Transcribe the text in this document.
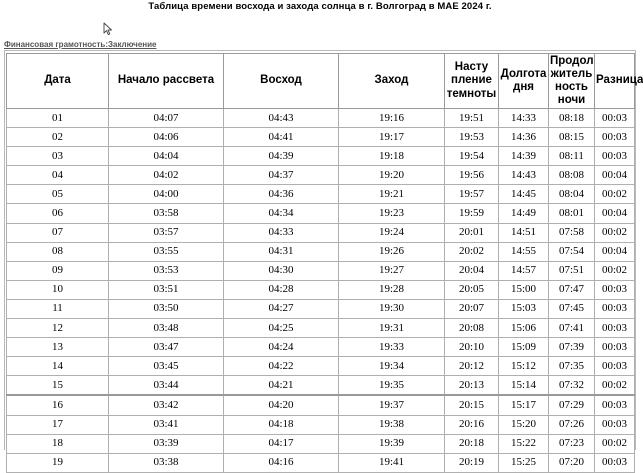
Таблица времени восхода и захода солнца в г. Волгоград в МАЕ 2024 г.
Финансовая грамотность:Заключение
Дата	Начало рассвета	Восход	Заход	Насту пление темноты	Долгота дня	Продол житель ность ночи	Разница
01	04:07	04:43	19:16	19:51	14:33	08:18	00:03
02	04:06	04:41	19:17	19:53	14:36	08:15	00:03
03	04:04	04:39	19:18	19:54	14:39	08:11	00:03
04	04:02	04:37	19:20	19:56	14:43	08:08	00:04
05	04:00	04:36	19:21	19:57	14:45	08:04	00:02
06	03:58	04:34	19:23	19:59	14:49	08:01	00:04
07	03:57	04:33	19:24	20:01	14:51	07:58	00:02
08	03:55	04:31	19:26	20:02	14:55	07:54	00:04
09	03:53	04:30	19:27	20:04	14:57	07:51	00:02
10	03:51	04:28	19:28	20:05	15:00	07:47	00:03
11	03:50	04:27	19:30	20:07	15:03	07:45	00:03
12	03:48	04:25	19:31	20:08	15:06	07:41	00:03
13	03:47	04:24	19:33	20:10	15:09	07:39	00:03
14	03:45	04:22	19:34	20:12	15:12	07:35	00:03
15	03:44	04:21	19:35	20:13	15:14	07:32	00:02
16	03:42	04:20	19:37	20:15	15:17	07:29	00:03
17	03:41	04:18	19:38	20:16	15:20	07:26	00:03
18	03:39	04:17	19:39	20:18	15:22	07:23	00:02
19	03:38	04:16	19:41	20:19	15:25	07:20	00:03
